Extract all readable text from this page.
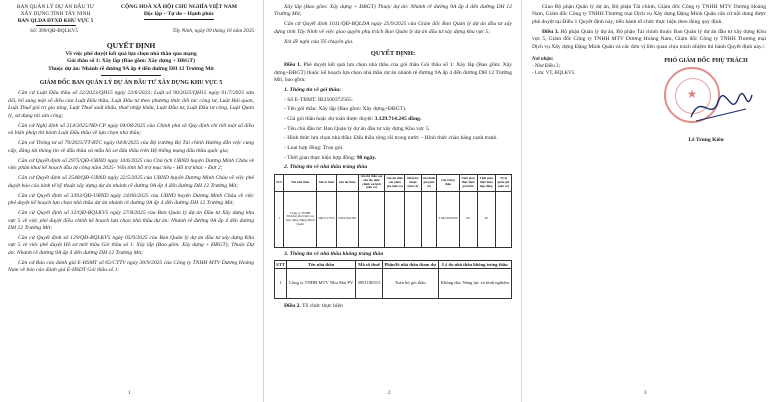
BAN QUẢN LÝ DỰ ÁN ĐẦU TƯ
XÂY DỰNG TỈNH TÂY NINH
BAN QLDA ĐTXD KHU VỰC 5
CỘNG HOÀ XÃ HỘI CHỦ NGHĨA VIỆT NAM
Độc lập – Tự do – Hạnh phúc
Số: 399/QĐ-BQLKV5	Tây Ninh, ngày 09 tháng 10 năm 2025
QUYẾT ĐỊNH
Về việc phê duyệt kết quả lựa chọn nhà thầu qua mạng
Gói thầu số 1: Xây lắp (Bao gồm: Xây dựng + ĐBGT)
Thuộc dự án: Nhánh rẽ đường 9A ấp 4 đến đường DH 12 Trường Mít
GIÁM ĐỐC BAN QUẢN LÝ DỰ ÁN ĐẦU TƯ XÂY DỰNG KHU VỰC 5
Căn cứ Luật Đấu thầu số 22/2023/QH15 ngày 23/6/2023; Luật số 90/2025/QH15 ngày 01/7/2025 sửa đổi, bổ sung một số điều của Luật Đấu thầu, Luật Đầu tư theo phương thức đối tác công tư, Luật Hải quan, Luật Thuế giá trị gia tăng, Luật Thuế xuất khẩu, thuế nhập khẩu, Luật Đầu tư, Luật Đầu tư công, Luật Quản lý, sử dụng tài sản công;
Căn cứ Nghị định số 214/2025/NĐ-CP ngày 04/08/2025 của Chính phủ về Quy định chi tiết một số điều và biện pháp thi hành Luật Đấu thầu về lựa chọn nhà thầu;
Căn cứ Thông tư số 79/2025/TT-BTC ngày 04/8/2025 của Bộ trưởng Bộ Tài chính Hướng dẫn việc cung cấp, đăng tải thông tin về đấu thầu và mẫu hồ sơ đấu thầu trên Hệ thống mạng đấu thầu quốc gia;
Căn cứ Quyết định số 2975/QĐ-UBND ngày 10/6/2025 của Chủ tịch UBND huyện Dương Minh Châu về việc phân khai kế hoạch đầu tư công năm 2025- Vốn tỉnh hỗ trợ mục tiêu - Hỗ trợ khác - Đợt 2;
Căn cứ Quyết định số 2548/QĐ-UBND ngày 22/5/2025 của UBND huyện Dương Minh Châu về việc phê duyệt báo cáo kinh tế kỹ thuật xây dựng dự án nhánh rẽ đường 9A ấp 4 đến đường DH 12 Trường Mít;
Căn cứ Quyết định số 3393/QĐ-UBND ngày 24/06/2025 của UBND huyện Dương Minh Châu về việc phê duyệt kế hoạch lựa chọn nhà thầu dự án nhánh rẽ đường 9A ấp 4 đến đường DH 12 Trường Mít;
Căn cứ Quyết định số 32/QĐ-BQLKV5 ngày 27/8/2025 của Ban Quản lý dự án Đầu tư Xây dựng khu vực 5 về việc phê duyệt điều chỉnh kế hoạch lựa chọn nhà thầu dự án: Nhánh rẽ đường 9A ấp 4 đến đường DH 12 Trường Mít;
Căn cứ Quyết định số 129/QĐ-BQLKV5 ngày 05/9/2025 của Ban Quản lý dự án đầu tư xây dựng Khu vực 5 về việc phê duyệt Hồ sơ mời thầu Gói thầu số 1: Xây lắp (Bao gồm: Xây dựng + ĐBGT); Thuộc Dự án: Nhánh rẽ đường 9A ấp 4 đến đường DH 12 Trường Mít;
Căn cứ Báo cáo đánh giá E-HSMT số 65/CTTV ngày 30/9/2025 của Công ty TNHH MTV Dương Hoàng Nam về báo cáo đánh giá E-HSDT Gói thầu số 1:
1
Xây lắp (Bao gồm: Xây dựng + ĐBGT) Thuộc dự án: Nhánh rẽ đường 9A ấp 4 đến đường DH 12 Trường Mít;
Căn cứ Quyết định 1011/QĐ-BQLDA ngày 25/9/2025 của Giám đốc Ban Quản lý dự án đầu tư xây dựng tỉnh Tây Ninh về việc giao quyền phụ trách Ban Quản lý dự án đầu tư xây dựng khu vực 5;
Xét đề nghị của Tổ chuyên gia.
QUYẾT ĐỊNH:
Điều 1. Phê duyệt kết quả lựa chọn nhà thầu của gói thầu Gói thầu số 1: Xây lắp (Bao gồm: Xây dựng+ĐBGT) thuộc kế hoạch lựa chọn nhà thầu dự án nhánh rẽ đường 9A ấp 4 đến đường DH 12 Trường Mít, bao gồm:
1. Thông tin về gói thầu:
- Số E-TBMT: IB2500372565.
- Tên gói thầu: Xây lắp (Bao gồm: Xây dựng+ĐBGT).
- Giá gói thầu hoặc dự toán được duyệt: 3.129.714.245 đồng.
- Tên chủ đầu tư: Ban Quản lý dự án đầu tư xây dựng Khu vực 5.
- Hình thức lựa chọn nhà thầu: Đấu thầu rộng rãi trong nước – Hình thức chào hàng cạnh tranh.
- Loại hợp đồng: Trọn gói.
- Thời gian thực hiện hợp đồng: 90 ngày.
2. Thông tin về nhà thầu trúng thầu
STT	Tên nhà thầu	Mã số thuế	Giá dự thầu	Giá dự thầu sau sửa lỗi, hiệu chỉnh sai lệch (nếu có)	Giá dự thầu sau giảm giá (nếu có)	Điểm kỹ thuật (nếu có)	Giá đánh giá (nếu có)	Giá trúng thầu	Thời gian thực hiện gói thầu	Thời gian thực hiện hợp đồng	Tỷ lệ giảm giá (nếu có)
1	Công ty TNHH Thương mại Dịch vụ Xây dựng Đặng Minh Quân	3901217555	3.064.926.061					3.064.926.000	90	90	
3. Thông tin về nhà thầu không trúng thầu
STT	Tên nhà thầu	Mã số thuế	Phần/lô nhà thầu tham dự	Lý do nhà thầu không trúng thầu
1	Công ty TNHH MTV Nhu Mai PV	3901180515	Toàn bộ gói thầu	Không đạt: Năng lực và kinh nghiệm
Điều 2. Tổ chức thực hiện
2
Giao Bộ phận Quản lý dự án, Bộ phận Tài chính, Giám đốc Công ty TNHH MTV Dương Hoàng Nam, Giám đốc Công ty TNHH Thương mại Dịch vụ Xây dựng Đặng Minh Quân căn cứ nội dung được phê duyệt tại Điều 1 Quyết định này, tiến hành tổ chức thực hiện theo đúng quy định.
Điều 3. Bộ phận Quản lý dự án, Bộ phận Tài chính thuộc Ban Quản lý dự án đầu tư xây dựng Khu vực 5, Giám đốc Công ty TNHH MTV Dương Hoàng Nam, Giám đốc Công ty TNHH Thương mại Dịch vụ Xây dựng Đặng Minh Quân và các đơn vị liên quan chịu trách nhiệm thi hành Quyết định này./.
Nơi nhận:
- Như Điều 3;
- Lưu: VT, BQLKV5.
PHÓ GIÁM ĐỐC PHỤ TRÁCH
★
Lê Trung Kiên
3
